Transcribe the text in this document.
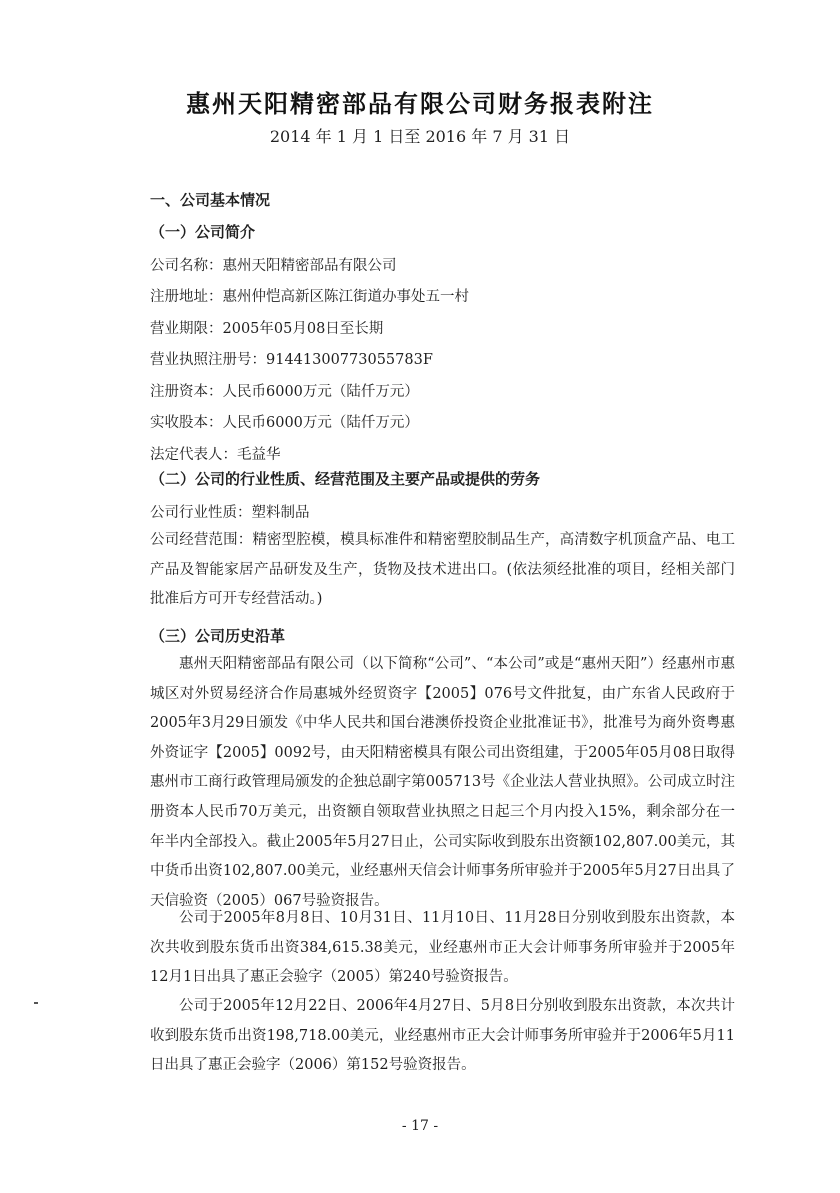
惠州天阳精密部品有限公司财务报表附注
2014 年 1 月 1 日至 2016 年 7 月 31 日
一、公司基本情况
（一）公司简介
公司名称：惠州天阳精密部品有限公司
注册地址：惠州仲恺高新区陈江街道办事处五一村
营业期限：2005年05月08日至长期
营业执照注册号：91441300773055783F
注册资本：人民币6000万元（陆仟万元）
实收股本：人民币6000万元（陆仟万元）
法定代表人：毛益华
（二）公司的行业性质、经营范围及主要产品或提供的劳务
公司行业性质：塑料制品
公司经营范围：精密型腔模，模具标准件和精密塑胶制品生产，高清数字机顶盒产品、电工产品及智能家居产品研发及生产，货物及技术进出口。(依法须经批准的项目，经相关部门批准后方可开专经营活动。)
（三）公司历史沿革
惠州天阳精密部品有限公司（以下简称“公司”、“本公司”或是“惠州天阳”）经惠州市惠城区对外贸易经济合作局惠城外经贸资字【2005】076号文件批复，由广东省人民政府于2005年3月29日颁发《中华人民共和国台港澳侨投资企业批准证书》，批准号为商外资粤惠外资证字【2005】0092号，由天阳精密模具有限公司出资组建，于2005年05月08日取得惠州市工商行政管理局颁发的企独总副字第005713号《企业法人营业执照》。公司成立时注册资本人民币70万美元，出资额自领取营业执照之日起三个月内投入15%，剩余部分在一年半内全部投入。截止2005年5月27日止，公司实际收到股东出资额102,807.00美元，其中货币出资102,807.00美元，业经惠州天信会计师事务所审验并于2005年5月27日出具了天信验资（2005）067号验资报告。
公司于2005年8月8日、10月31日、11月10日、11月28日分别收到股东出资款，本次共收到股东货币出资384,615.38美元，业经惠州市正大会计师事务所审验并于2005年12月1日出具了惠正会验字（2005）第240号验资报告。
公司于2005年12月22日、2006年4月27日、5月8日分别收到股东出资款，本次共计收到股东货币出资198,718.00美元，业经惠州市正大会计师事务所审验并于2006年5月11日出具了惠正会验字（2006）第152号验资报告。
- 17 -
